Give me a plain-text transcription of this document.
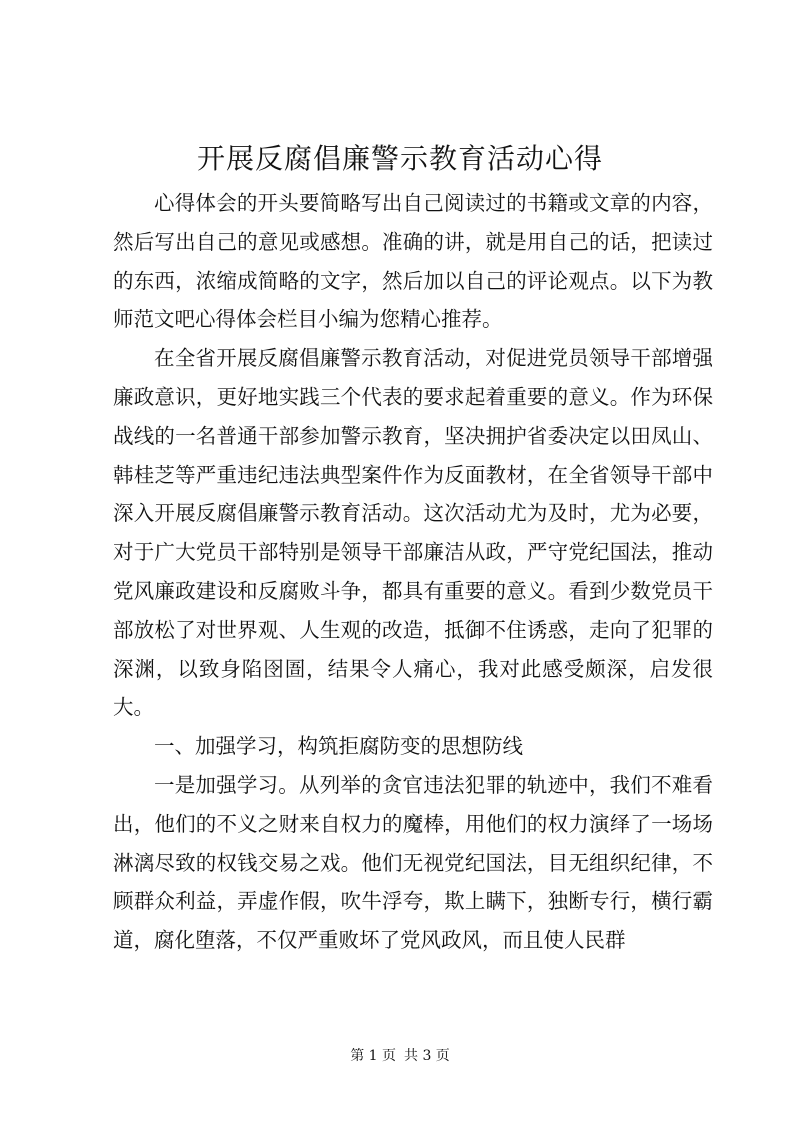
开展反腐倡廉警示教育活动心得

心得体会的开头要简略写出自己阅读过的书籍或文章的内容，然后写出自己的意见或感想。准确的讲，就是用自己的话，把读过的东西，浓缩成简略的文字，然后加以自己的评论观点。以下为教师范文吧心得体会栏目小编为您精心推荐。

在全省开展反腐倡廉警示教育活动，对促进党员领导干部增强廉政意识，更好地实践三个代表的要求起着重要的意义。作为环保战线的一名普通干部参加警示教育，坚决拥护省委决定以田凤山、韩桂芝等严重违纪违法典型案件作为反面教材，在全省领导干部中深入开展反腐倡廉警示教育活动。这次活动尤为及时，尤为必要，对于广大党员干部特别是领导干部廉洁从政，严守党纪国法，推动党风廉政建设和反腐败斗争，都具有重要的意义。看到少数党员干部放松了对世界观、人生观的改造，抵御不住诱惑，走向了犯罪的深渊，以致身陷囹圄，结果令人痛心，我对此感受颇深，启发很大。

一、加强学习，构筑拒腐防变的思想防线

一是加强学习。从列举的贪官违法犯罪的轨迹中，我们不难看出，他们的不义之财来自权力的魔棒，用他们的权力演绎了一场场淋漓尽致的权钱交易之戏。他们无视党纪国法，目无组织纪律，不顾群众利益，弄虚作假，吹牛浮夸，欺上瞒下，独断专行，横行霸道，腐化堕落，不仅严重败坏了党风政风，而且使人民群

第 1 页 共 3 页
